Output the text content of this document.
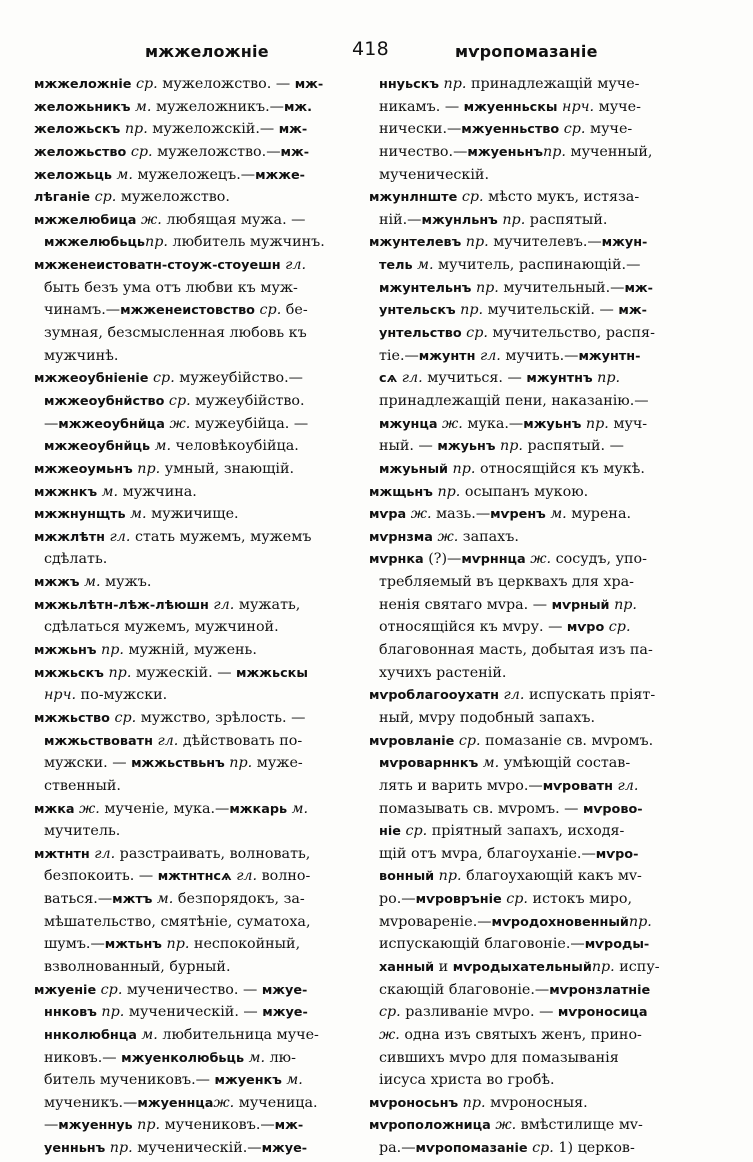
мжжеложніе	418	мѵропомазаніе
мжжеложніе ср. мужеложство. — мж-
желожьникъ м. мужеложникъ.—мж.
желожьскъ пр. мужеложскій.— мж-
желожьство ср. мужеложство.—мж-
желожьць м. мужеложецъ.—мжже-
лѣганіе ср. мужеложство.
мжжелюбица ж. любящая мужа. —
мжжелюбьцьпр. любитель мужчинъ.
мжженеистоватн-стоуж-стоуешн гл.
быть безъ ума отъ любви къ муж-
чинамъ.—мжженеистовство ср. бе-
зумная, безсмысленная любовь къ
мужчинѣ.
мжжеоубніеніе ср. мужеубійство.—
мжжеоубнйство ср. мужеубійство.
—мжжеоубнйца ж. мужеубійца. —
мжжеоубнйць м. человѣкоубійца.
мжжеоумьнъ пр. умный, знающій.
мжжнкъ м. мужчина.
мжжнунщть м. мужичище.
мжжлѣтн гл. стать мужемъ, мужемъ
сдѣлать.
мжжъ м. мужъ.
мжжьлѣтн-лѣж-лѣюшн гл. мужать,
сдѣлаться мужемъ, мужчиной.
мжжьнъ пр. мужній, мужень.
мжжьскъ пр. мужескій. — мжжьскы
нрч. по-мужски.
мжжьство ср. мужство, зрѣлость. —
мжжьствоватн гл. дѣйствовать по-
мужски. — мжжьствьнъ пр. муже-
ственный.
мжка ж. мученіе, мука.—мжкарь м.
мучитель.
мжтнтн гл. разстраивать, волновать,
безпокоить. — мжтнтнсѧ гл. волно-
ваться.—мжтъ м. безпорядокъ, за-
мѣшательство, смятѣніе, суматоха,
шумъ.—мжтьнъ пр. неспокойный,
взволнованный, бурный.
мжуеніе ср. мученичество. — мжуе-
ннковъ пр. мученическій. — мжуе-
ннколюбнца м. любительница муче-
никовъ.— мжуенколюбьць м. лю-
битель мучениковъ.— мжуенкъ м.
мученикъ.—мжуеннцаж. мученица.
—мжуеннуь пр. мучениковъ.—мж-
уенньнъ пр. мученическій.—мжуе-
ннуьскъ пр. принадлежащій муче-
никамъ. — мжуенньскы нрч. муче-
нически.—мжуенньство ср. муче-
ничество.—мжуеньнъпр. мученный,
мученическій.
мжунлнште ср. мѣсто мукъ, истяза-
ній.—мжунльнъ пр. распятый.
мжунтелевъ пр. мучителевъ.—мжун-
тель м. мучитель, распинающій.—
мжунтельнъ пр. мучительный.—мж-
унтельскъ пр. мучительскій. — мж-
унтельство ср. мучительство, распя-
тіе.—мжунтн гл. мучить.—мжунтн-
сѧ гл. мучиться. — мжунтнъ пр.
принадлежащій пени, наказанію.—
мжунца ж. мука.—мжуьнъ пр. муч-
ный. — мжуьнъ пр. распятый. —
мжуьный пр. относящійся къ мукѣ.
мжщьнъ пр. осыпанъ мукою.
мѵра ж. мазь.—мѵренъ м. мурена.
мѵрнзма ж. запахъ.
мѵрнка (?)—мѵрннца ж. сосудъ, упо-
требляемый въ церквахъ для хра-
ненія святаго мvра. — мѵрный пр.
относящійся къ мvру. — мѵро ср.
благовонная масть, добытая изъ па-
хучихъ растеній.
мѵроблагооухатн гл. испускать пріят-
ный, мvру подобный запахъ.
мѵровланіе ср. помазаніе св. мvромъ.
мѵроварннкъ м. умѣющій состав-
лять и варить мvро.—мѵроватн гл.
помазывать св. мvромъ. — мѵрово-
ніе ср. пріятный запахъ, исходя-
щій отъ мvра, благоуханіе.—мѵро-
вонный пр. благоухающій какъ мv-
ро.—мѵровръніе ср. истокъ миро,
мvровареніе.—мѵродохновенныйпр.
испускающій благовоніе.—мѵроды-
ханный и мѵродыхательныйпр. испу-
скающій благовоніе.—мѵронзлатніе
ср. разливаніе мvро. — мѵроносица
ж. одна изъ святыхъ женъ, прино-
сившихъ мvро для помазыванія
іисуса христа во гробѣ.
мѵроносьнъ пр. мvроносныя.
мѵроположница ж. вмѣстилище мv-
ра.—мѵропомазаніе ср. 1) церков-
